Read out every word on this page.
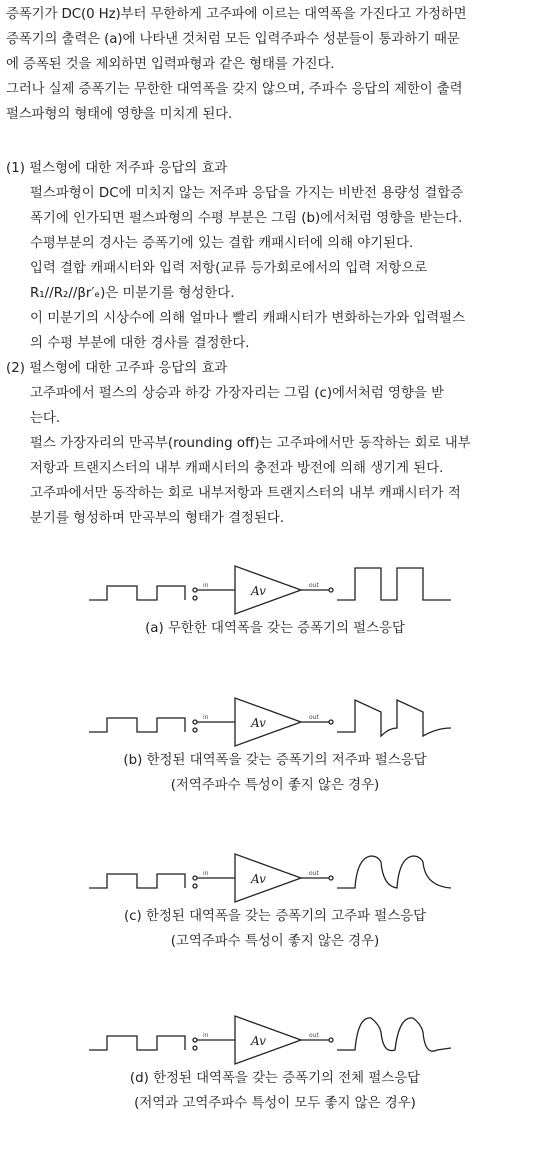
증폭기가 DC(0 Hz)부터 무한하게 고주파에 이르는 대역폭을 가진다고 가정하면
증폭기의 출력은 (a)에 나타낸 것처럼 모든 입력주파수 성분들이 통과하기 때문
에 증폭된 것을 제외하면 입력파형과 같은 형태를 가진다.
그러나 실제 증폭기는 무한한 대역폭을 갖지 않으며, 주파수 응답의 제한이 출력
펄스파형의 형태에 영향을 미치게 된다.
(1) 펄스형에 대한 저주파 응답의 효과
펄스파형이 DC에 미치지 않는 저주파 응답을 가지는 비반전 용량성 결합증
폭기에 인가되면 펄스파형의 수평 부분은 그림 (b)에서처럼 영향을 받는다.
수평부분의 경사는 증폭기에 있는 결합 캐패시터에 의해 야기된다.
입력 결합 캐패시터와 입력 저항(교류 등가회로에서의 입력 저항으로
R₁//R₂//βr′ₑ)은 미분기를 형성한다.
이 미분기의 시상수에 의해 얼마나 빨리 캐패시터가 변화하는가와 입력펄스
의 수평 부분에 대한 경사를 결정한다.
(2) 펄스형에 대한 고주파 응답의 효과
고주파에서 펄스의 상승과 하강 가장자리는 그림 (c)에서처럼 영향을 받
는다.
펄스 가장자리의 만곡부(rounding off)는 고주파에서만 동작하는 회로 내부
저항과 트랜지스터의 내부 캐패시터의 충전과 방전에 의해 생기게 된다.
고주파에서만 동작하는 회로 내부저항과 트랜지스터의 내부 캐패시터가 적
분기를 형성하며 만곡부의 형태가 결정된다.
in	out
Av
(a) 무한한 대역폭을 갖는 증폭기의 펄스응답
in	out
Av
(b) 한정된 대역폭을 갖는 증폭기의 저주파 펄스응답
(저역주파수 특성이 좋지 않은 경우)
in	out
Av
(c) 한정된 대역폭을 갖는 증폭기의 고주파 펄스응답
(고역주파수 특성이 좋지 않은 경우)
in	out
Av
(d) 한정된 대역폭을 갖는 증폭기의 전체 펄스응답
(저역과 고역주파수 특성이 모두 좋지 않은 경우)
